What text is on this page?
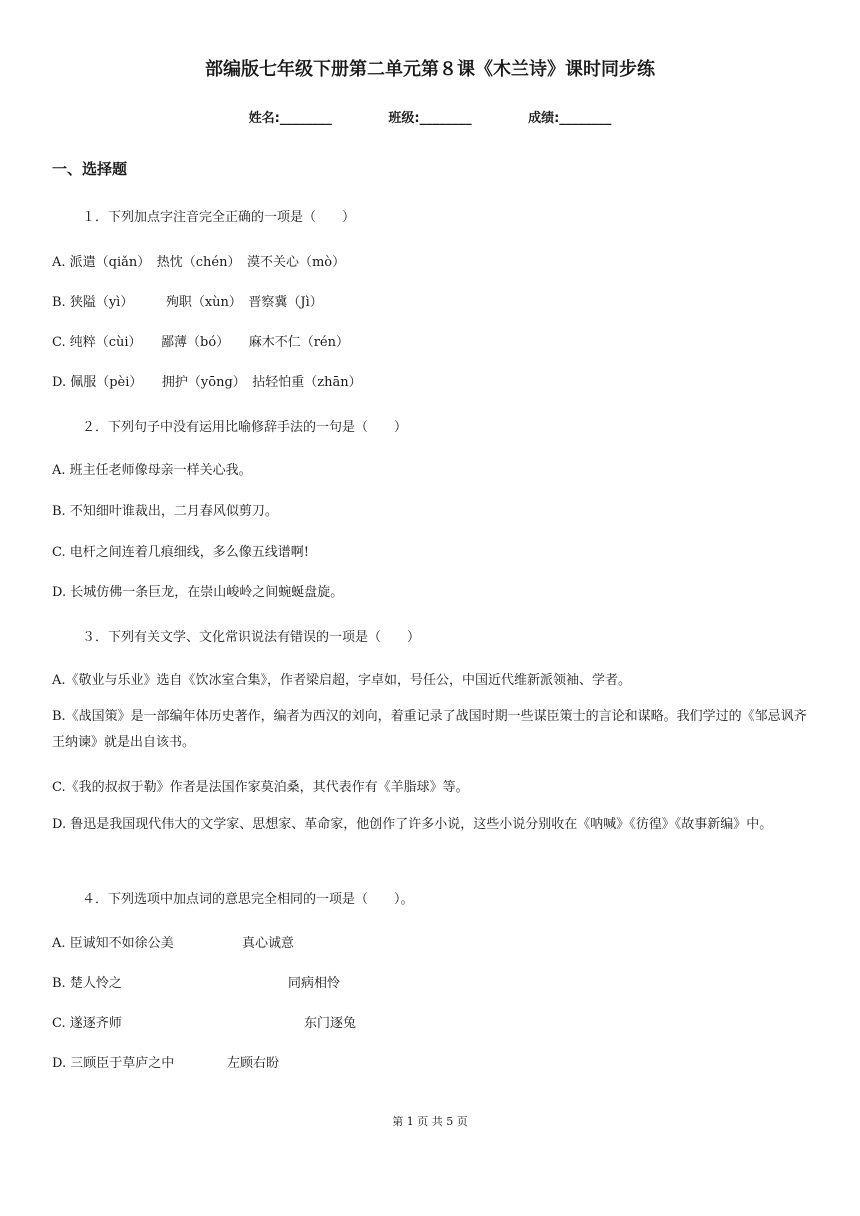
部编版七年级下册第二单元第８课《木兰诗》课时同步练
姓名:________	班级:________	成绩:________
一、选择题
１．下列加点字注音完全正确的一项是（　　）
A. 派遣（qiǎn）　热忱（chén）　漠不关心（mò）
B. 狭隘（yì）　　　殉职（xùn）　晋察冀（Jì）
C. 纯粹（cùi）　　鄙薄（bó）　　麻木不仁（rén）
D. 佩服（pèi）　　拥护（yōng）　拈轻怕重（zhān）
２．下列句子中没有运用比喻修辞手法的一句是（　　）
A. 班主任老师像母亲一样关心我。
B. 不知细叶谁裁出，二月春风似剪刀。
C. 电杆之间连着几痕细线，多么像五线谱啊!
D. 长城仿佛一条巨龙，在崇山峻岭之间蜿蜒盘旋。
３．下列有关文学、文化常识说法有错误的一项是（　　）
A.《敬业与乐业》选自《饮冰室合集》，作者梁启超，字卓如，号任公，中国近代维新派领袖、学者。
B.《战国策》是一部编年体历史著作，编者为西汉的刘向，着重记录了战国时期一些谋臣策士的言论和谋略。我们学过的《邹忌讽齐王纳谏》就是出自该书。
C.《我的叔叔于勒》作者是法国作家莫泊桑，其代表作有《羊脂球》等。
D. 鲁迅是我国现代伟大的文学家、思想家、革命家，他创作了许多小说，这些小说分别收在《呐喊》《彷徨》《故事新编》中。
４．下列选项中加点词的意思完全相同的一项是（　　）。
A. 臣诚知不如徐公美	真心诚意
B. 楚人怜之	同病相怜
C. 遂逐齐师	东门逐兔
D. 三顾臣于草庐之中	左顾右盼
第 1 页 共 5 页
